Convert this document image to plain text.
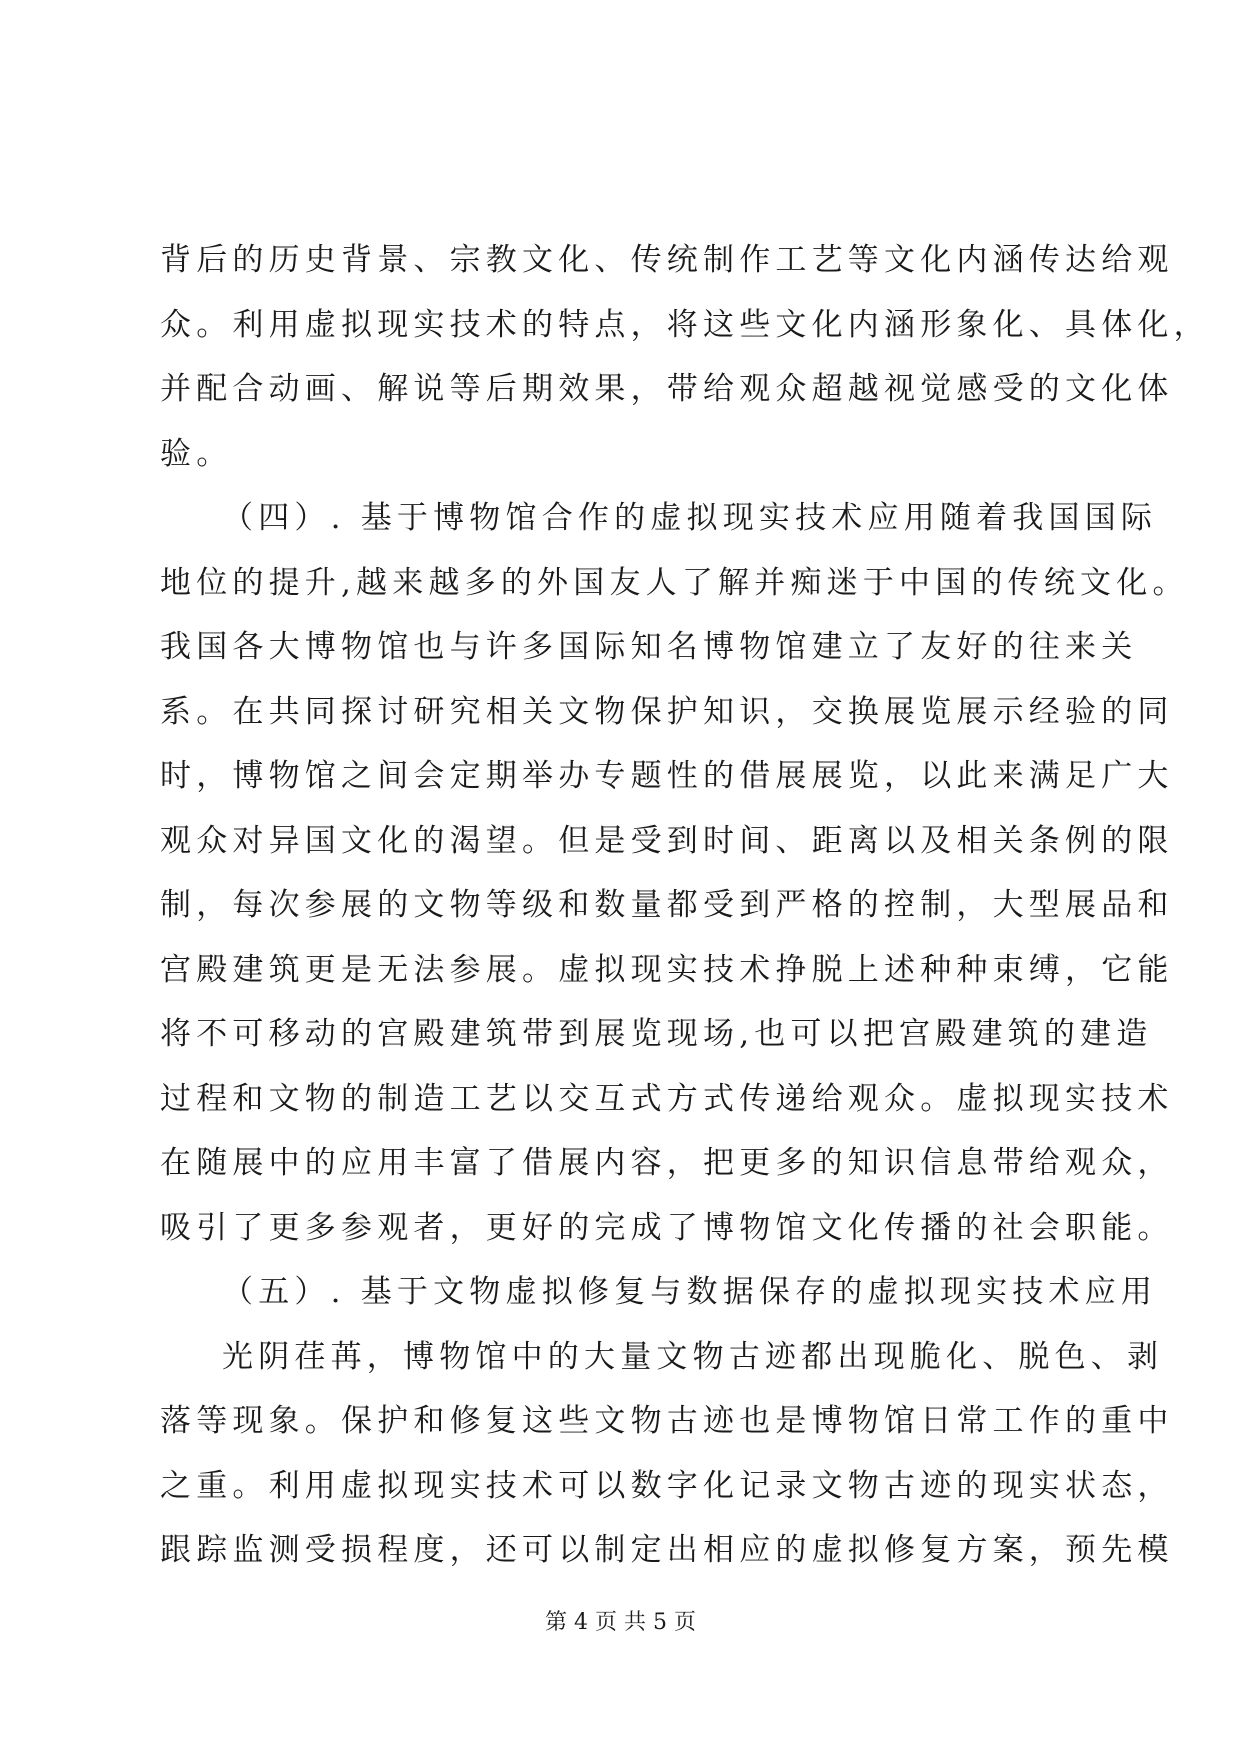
背后的历史背景、宗教文化、传统制作工艺等文化内涵传达给观
众。利用虚拟现实技术的特点，将这些文化内涵形象化、具体化，
并配合动画、解说等后期效果，带给观众超越视觉感受的文化体
验。
（四）. 基于博物馆合作的虚拟现实技术应用随着我国国际
地位的提升,越来越多的外国友人了解并痴迷于中国的传统文化。
我国各大博物馆也与许多国际知名博物馆建立了友好的往来关
系。在共同探讨研究相关文物保护知识，交换展览展示经验的同
时，博物馆之间会定期举办专题性的借展展览，以此来满足广大
观众对异国文化的渴望。但是受到时间、距离以及相关条例的限
制，每次参展的文物等级和数量都受到严格的控制，大型展品和
宫殿建筑更是无法参展。虚拟现实技术挣脱上述种种束缚，它能
将不可移动的宫殿建筑带到展览现场,也可以把宫殿建筑的建造
过程和文物的制造工艺以交互式方式传递给观众。虚拟现实技术
在随展中的应用丰富了借展内容，把更多的知识信息带给观众，
吸引了更多参观者，更好的完成了博物馆文化传播的社会职能。
（五）. 基于文物虚拟修复与数据保存的虚拟现实技术应用
光阴荏苒，博物馆中的大量文物古迹都出现脆化、脱色、剥
落等现象。保护和修复这些文物古迹也是博物馆日常工作的重中
之重。利用虚拟现实技术可以数字化记录文物古迹的现实状态，
跟踪监测受损程度，还可以制定出相应的虚拟修复方案，预先模
第 4 页 共 5 页
